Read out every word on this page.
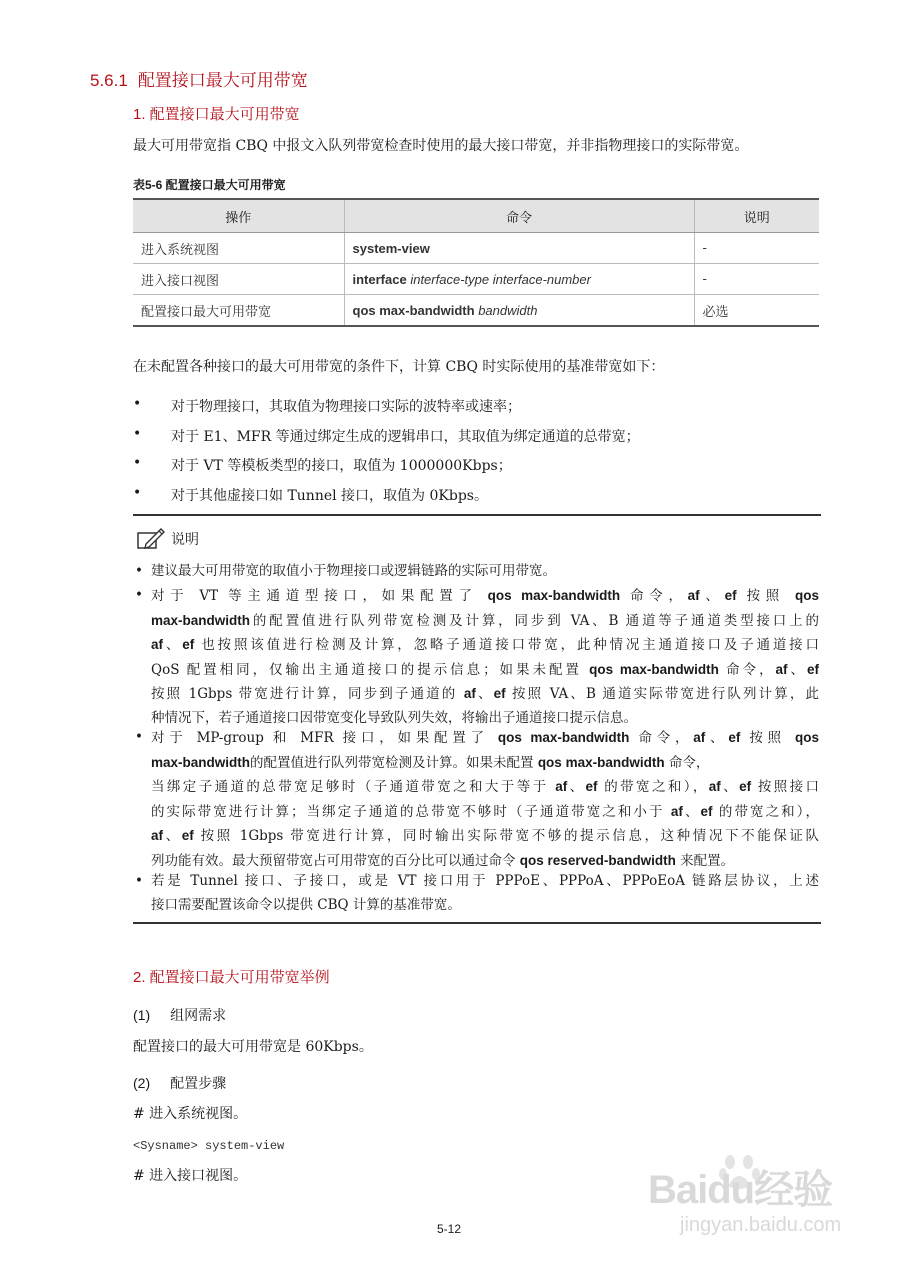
5.6.1 配置接口最大可用带宽
1. 配置接口最大可用带宽
最大可用带宽指 CBQ 中报文入队列带宽检查时使用的最大接口带宽，并非指物理接口的实际带宽。
表5-6 配置接口最大可用带宽
操作	命令	说明
进入系统视图	system-view	-
进入接口视图	interface interface-type interface-number	-
配置接口最大可用带宽	qos max-bandwidth bandwidth	必选
在未配置各种接口的最大可用带宽的条件下，计算 CBQ 时实际使用的基准带宽如下：
• 对于物理接口，其取值为物理接口实际的波特率或速率；
• 对于 E1、MFR 等通过绑定生成的逻辑串口，其取值为绑定通道的总带宽；
• 对于 VT 等模板类型的接口，取值为 1000000Kbps；
• 对于其他虚接口如 Tunnel 接口，取值为 0Kbps。
说明
• 建议最大可用带宽的取值小于物理接口或逻辑链路的实际可用带宽。
• 对于 VT 等主通道型接口，如果配置了 qos max-bandwidth 命令，af、ef 按照 qos
max-bandwidth的配置值进行队列带宽检测及计算，同步到 VA、B 通道等子通道类型接口上的
af、ef 也按照该值进行检测及计算，忽略子通道接口带宽，此种情况主通道接口及子通道接口
QoS 配置相同，仅输出主通道接口的提示信息；如果未配置 qos max-bandwidth 命令，af、ef
按照 1Gbps 带宽进行计算，同步到子通道的 af、ef 按照 VA、B 通道实际带宽进行队列计算，此
种情况下，若子通道接口因带宽变化导致队列失效，将输出子通道接口提示信息。
• 对于 MP-group 和 MFR 接口，如果配置了 qos max-bandwidth 命令，af、ef 按照 qos
max-bandwidth的配置值进行队列带宽检测及计算。如果未配置 qos max-bandwidth 命令，
当绑定子通道的总带宽足够时（子通道带宽之和大于等于 af、ef 的带宽之和），af、ef 按照接口
的实际带宽进行计算；当绑定子通道的总带宽不够时（子通道带宽之和小于 af、ef 的带宽之和），
af、ef 按照 1Gbps 带宽进行计算，同时输出实际带宽不够的提示信息，这种情况下不能保证队
列功能有效。最大预留带宽占可用带宽的百分比可以通过命令 qos reserved-bandwidth 来配置。
• 若是 Tunnel 接口、子接口，或是 VT 接口用于 PPPoE、PPPoA、PPPoEoA 链路层协议，上述
接口需要配置该命令以提供 CBQ 计算的基准带宽。
2. 配置接口最大可用带宽举例
(1) 组网需求
配置接口的最大可用带宽是 60Kbps。
(2) 配置步骤
# 进入系统视图。
<Sysname> system-view
# 进入接口视图。
5-12
Baidu经验
jingyan.baidu.com
